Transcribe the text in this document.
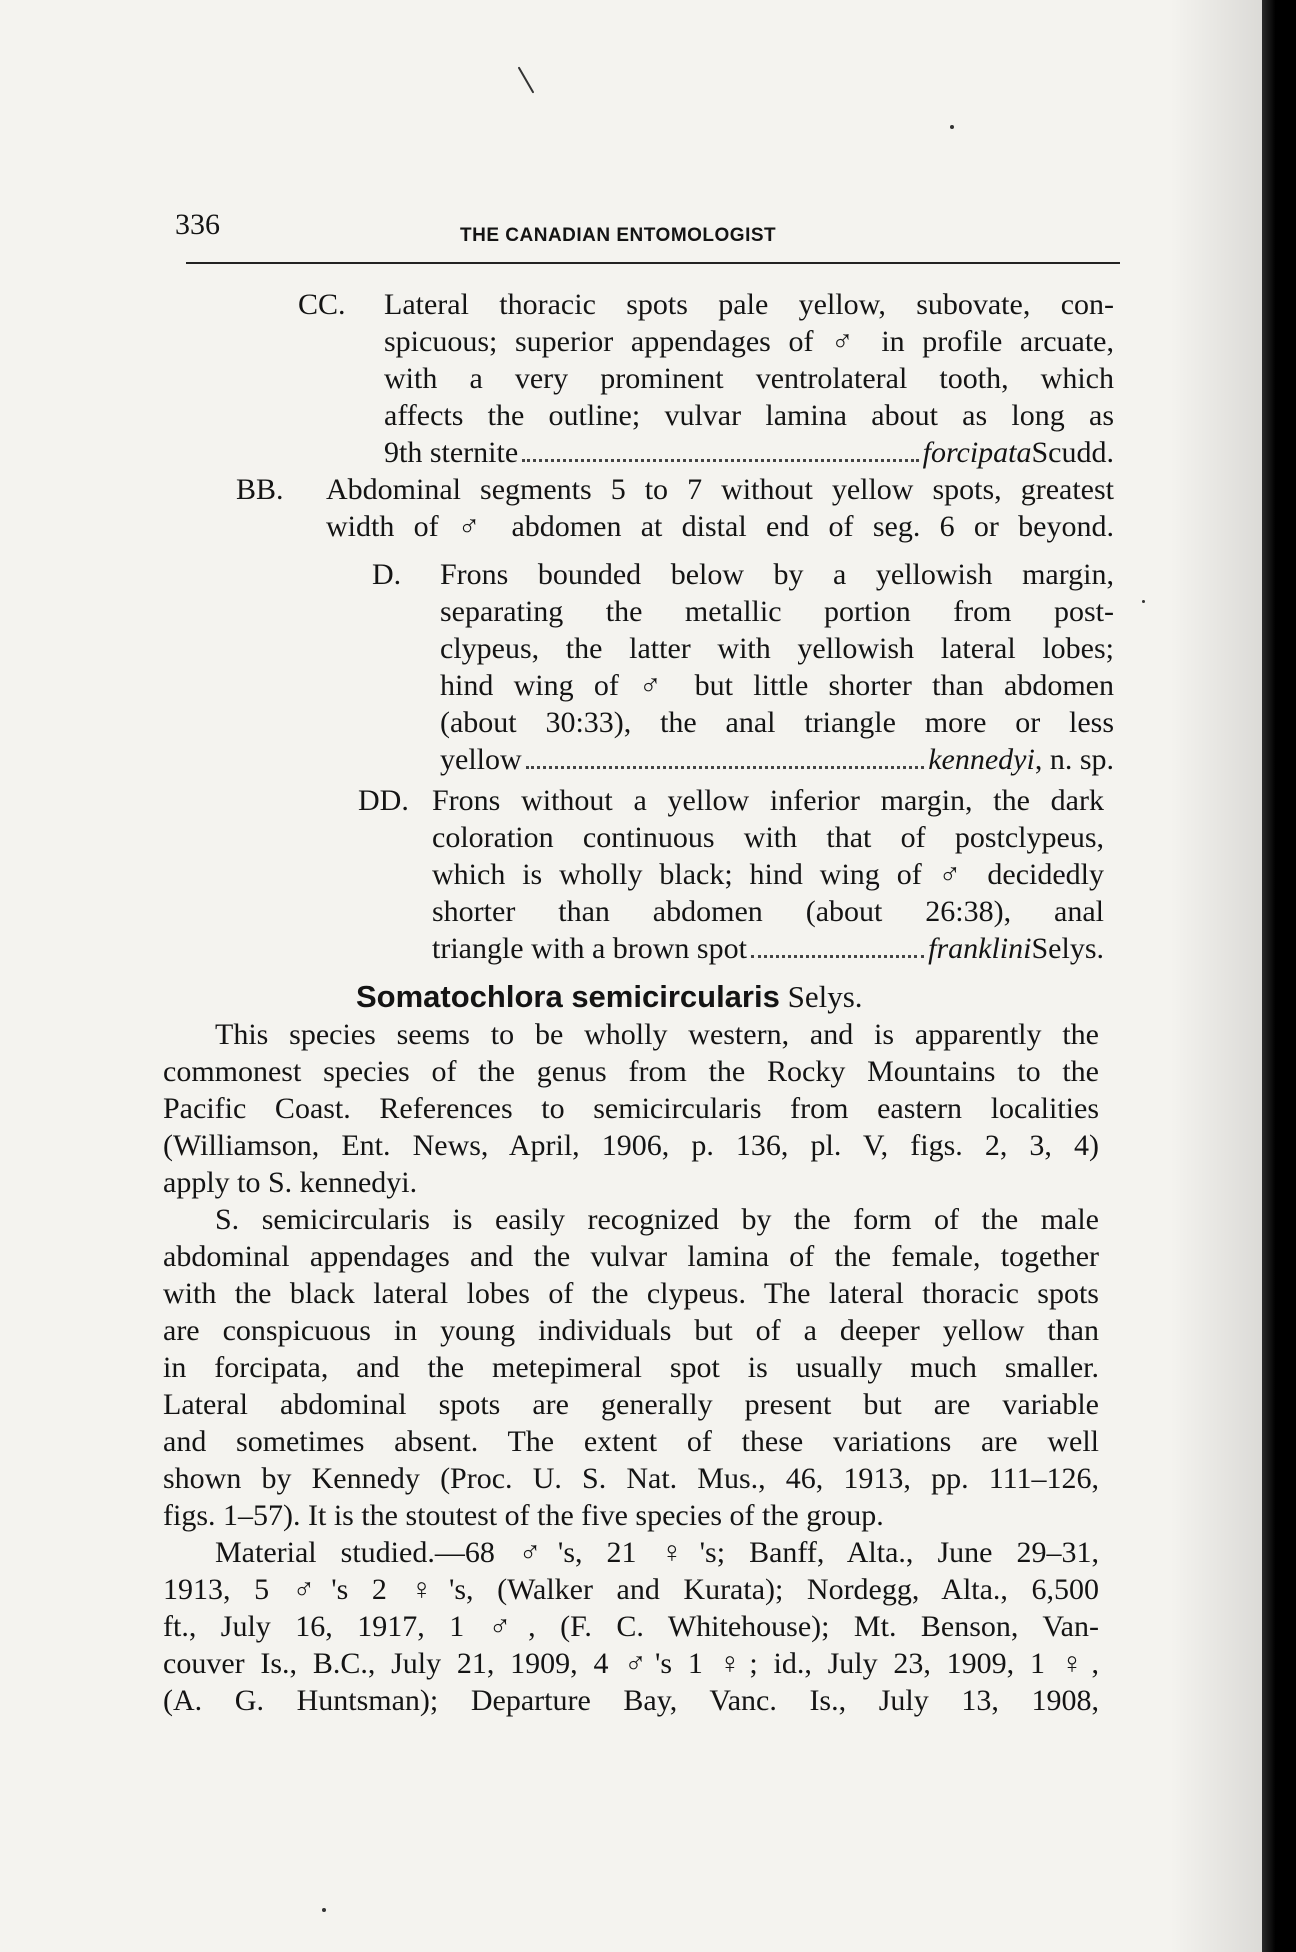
336	THE CANADIAN ENTOMOLOGIST
CC. Lateral thoracic spots pale yellow, subovate, con-
spicuous; superior appendages of ♂ in profile arcuate,
with a very prominent ventrolateral tooth, which
affects the outline; vulvar lamina about as long as
9th sternite	forcipata Scudd.
BB. Abdominal segments 5 to 7 without yellow spots, greatest
width of ♂ abdomen at distal end of seg. 6 or beyond.
D. Frons bounded below by a yellowish margin,
separating the metallic portion from post-
clypeus, the latter with yellowish lateral lobes;
hind wing of ♂ but little shorter than abdomen
(about 30:33), the anal triangle more or less
yellow	kennedyi , n. sp.
DD. Frons without a yellow inferior margin, the dark
coloration continuous with that of postclypeus,
which is wholly black; hind wing of ♂ decidedly
shorter than abdomen (about 26:38), anal
triangle with a brown spot	franklini Selys.
Somatochlora semicircularis Selys.
This species seems to be wholly western, and is apparently the
commonest species of the genus from the Rocky Mountains to the
Pacific Coast. References to semicircularis from eastern localities
(Williamson, Ent. News, April, 1906, p. 136, pl. V, figs. 2, 3, 4)
apply to S. kennedyi.
S. semicircularis is easily recognized by the form of the male
abdominal appendages and the vulvar lamina of the female, together
with the black lateral lobes of the clypeus. The lateral thoracic spots
are conspicuous in young individuals but of a deeper yellow than
in forcipata, and the metepimeral spot is usually much smaller.
Lateral abdominal spots are generally present but are variable
and sometimes absent. The extent of these variations are well
shown by Kennedy (Proc. U. S. Nat. Mus., 46, 1913, pp. 111–126,
figs. 1–57). It is the stoutest of the five species of the group.
Material studied.—68 ♂'s, 21 ♀'s; Banff, Alta., June 29–31,
1913, 5 ♂'s 2 ♀'s, (Walker and Kurata); Nordegg, Alta., 6,500
ft., July 16, 1917, 1 ♂, (F. C. Whitehouse); Mt. Benson, Van-
couver Is., B.C., July 21, 1909, 4 ♂'s 1 ♀; id., July 23, 1909, 1 ♀,
(A. G. Huntsman); Departure Bay, Vanc. Is., July 13, 1908,
